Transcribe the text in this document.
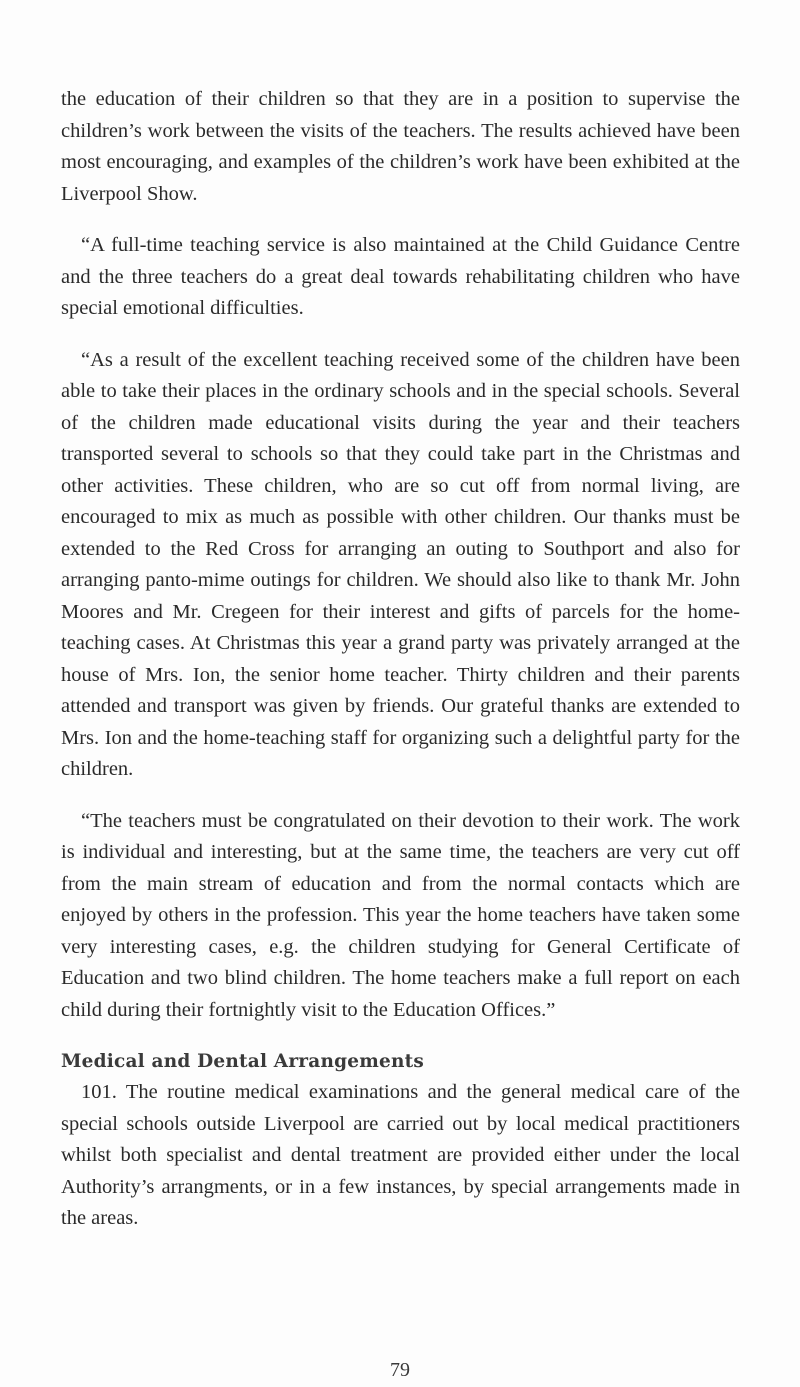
the education of their children so that they are in a position to supervise the children’s work between the visits of the teachers. The results achieved have been most encouraging, and examples of the children’s work have been exhibited at the Liverpool Show.

“A full-time teaching service is also maintained at the Child Guidance Centre and the three teachers do a great deal towards rehabilitating children who have special emotional difficulties.

“As a result of the excellent teaching received some of the children have been able to take their places in the ordinary schools and in the special schools. Several of the children made educational visits during the year and their teachers transported several to schools so that they could take part in the Christmas and other activities. These children, who are so cut off from normal living, are encouraged to mix as much as possible with other children. Our thanks must be extended to the Red Cross for arranging an outing to Southport and also for arranging panto-mime outings for children. We should also like to thank Mr. John Moores and Mr. Cregeen for their interest and gifts of parcels for the home-teaching cases. At Christmas this year a grand party was privately arranged at the house of Mrs. Ion, the senior home teacher. Thirty children and their parents attended and transport was given by friends. Our grateful thanks are extended to Mrs. Ion and the home-teaching staff for organizing such a delightful party for the children.

“The teachers must be congratulated on their devotion to their work. The work is individual and interesting, but at the same time, the teachers are very cut off from the main stream of education and from the normal contacts which are enjoyed by others in the profession. This year the home teachers have taken some very interesting cases, e.g. the children studying for General Certificate of Education and two blind children. The home teachers make a full report on each child during their fortnightly visit to the Education Offices.”

Medical and Dental Arrangements

101. The routine medical examinations and the general medical care of the special schools outside Liverpool are carried out by local medical practitioners whilst both specialist and dental treatment are provided either under the local Authority’s arrangments, or in a few instances, by special arrangements made in the areas.

79
